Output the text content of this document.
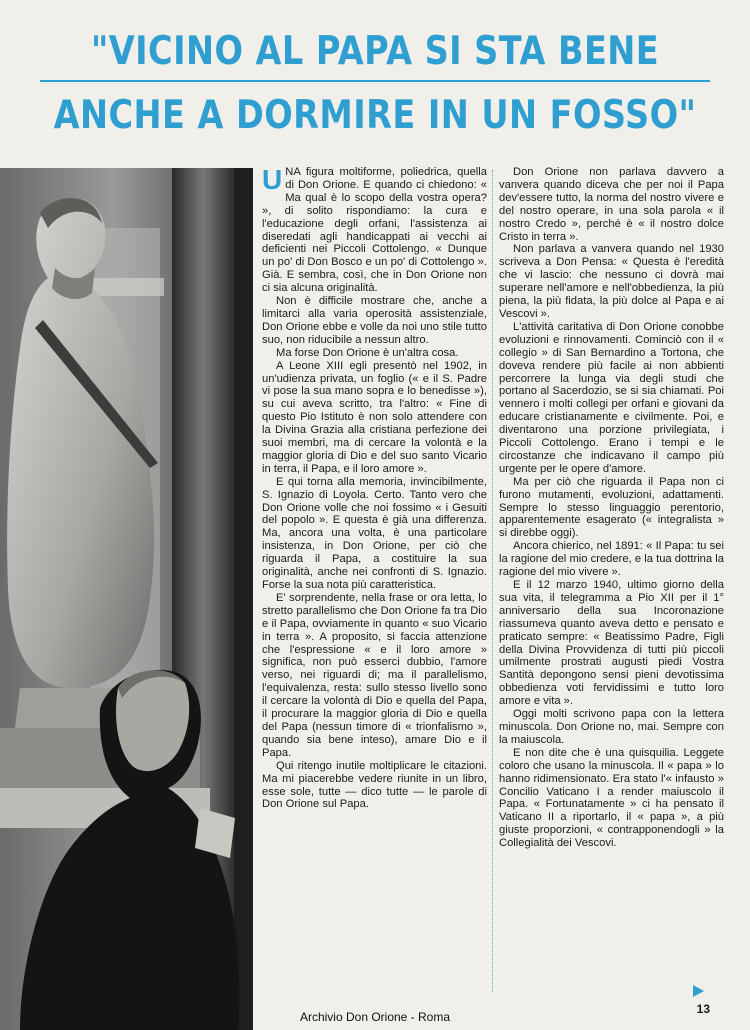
"VICINO AL PAPA SI STA BENE
ANCHE A DORMIRE IN UN FOSSO"

UNA figura moltiforme, poliedrica, quella di Don Orione. E quando ci chiedono: « Ma qual è lo scopo della vostra opera? », di solito rispondiamo: la cura e l'educazione degli orfani, l'assistenza ai diseredati agli handicappati ai vecchi ai deficienti nei Piccoli Cottolengo. « Dunque un po' di Don Bosco e un po' di Cottolengo ». Già. E sembra, così, che in Don Orione non ci sia alcuna originalità.

Non è difficile mostrare che, anche a limitarci alla varia operosità assistenziale, Don Orione ebbe e volle da noi uno stile tutto suo, non riducibile a nessun altro.

Ma forse Don Orione è un'altra cosa.

A Leone XIII egli presentò nel 1902, in un'udienza privata, un foglio (« e il S. Padre vi pose la sua mano sopra e lo benedisse »), su cui aveva scritto, tra l'altro: « Fine di questo Pio Istituto è non solo attendere con la Divina Grazia alla cristiana perfezione dei suoi membri, ma di cercare la volontà e la maggior gloria di Dio e del suo santo Vicario in terra, il Papa, e il loro amore ».

E qui torna alla memoria, invincibilmente, S. Ignazio di Loyola. Certo. Tanto vero che Don Orione volle che noi fossimo « i Gesuiti del popolo ». E questa è già una differenza. Ma, ancora una volta, è una particolare insistenza, in Don Orione, per ciò che riguarda il Papa, a costituire la sua originalità, anche nei confronti di S. Ignazio. Forse la sua nota più caratteristica.

E' sorprendente, nella frase or ora letta, lo stretto parallelismo che Don Orione fa tra Dio e il Papa, ovviamente in quanto « suo Vicario in terra ». A proposito, si faccia attenzione che l'espressione « e il loro amore » significa, non può esserci dubbio, l'amore verso, nei riguardi di; ma il parallelismo, l'equivalenza, resta: sullo stesso livello sono il cercare la volontà di Dio e quella del Papa, il procurare la maggior gloria di Dio e quella del Papa (nessun timore di « trionfalismo », quando sia bene inteso), amare Dio e il Papa.

Qui ritengo inutile moltiplicare le citazioni. Ma mi piacerebbe vedere riunite in un libro, esse sole, tutte — dico tutte — le parole di Don Orione sul Papa.

Don Orione non parlava davvero a vanvera quando diceva che per noi il Papa dev'essere tutto, la norma del nostro vivere e del nostro operare, in una sola parola « il nostro Credo », perché è « il nostro dolce Cristo in terra ».

Non parlava a vanvera quando nel 1930 scriveva a Don Pensa: « Questa è l'eredità che vi lascio: che nessuno ci dovrà mai superare nell'amore e nell'obbedienza, la più piena, la più fidata, la più dolce al Papa e ai Vescovi ».

L'attività caritativa di Don Orione conobbe evoluzioni e rinnovamenti. Cominciò con il « collegio » di San Bernardino a Tortona, che doveva rendere più facile ai non abbienti percorrere la lunga via degli studi che portano al Sacerdozio, se si sia chiamati. Poi vennero i molti collegi per orfani e giovani da educare cristianamente e civilmente. Poi, e diventarono una porzione privilegiata, i Piccoli Cottolengo. Erano i tempi e le circostanze che indicavano il campo più urgente per le opere d'amore.

Ma per ciò che riguarda il Papa non ci furono mutamenti, evoluzioni, adattamenti. Sempre lo stesso linguaggio perentorio, apparentemente esagerato (« integralista » si direbbe oggi).

Ancora chierico, nel 1891: « Il Papa: tu sei la ragione del mio credere, e la tua dottrina la ragione del mio vivere ».

E il 12 marzo 1940, ultimo giorno della sua vita, il telegramma a Pio XII per il 1° anniversario della sua Incoronazione riassumeva quanto aveva detto e pensato e praticato sempre: « Beatissimo Padre, Figli della Divina Provvidenza di tutti più piccoli umilmente prostrati augusti piedi Vostra Santità depongono sensi pieni devotissima obbedienza voti fervidissimi e tutto loro amore e vita ».

Oggi molti scrivono papa con la lettera minuscola. Don Orione no, mai. Sempre con la maiuscola.

E non dite che è una quisquilia. Leggete coloro che usano la minuscola. Il « papa » lo hanno ridimensionato. Era stato l'« infausto » Concilio Vaticano I a render maiuscolo il Papa. « Fortunatamente » ci ha pensato il Vaticano II a riportarlo, il « papa », a più giuste proporzioni, « contrapponendogli » la Collegialità dei Vescovi.

13
Archivio Don Orione - Roma
